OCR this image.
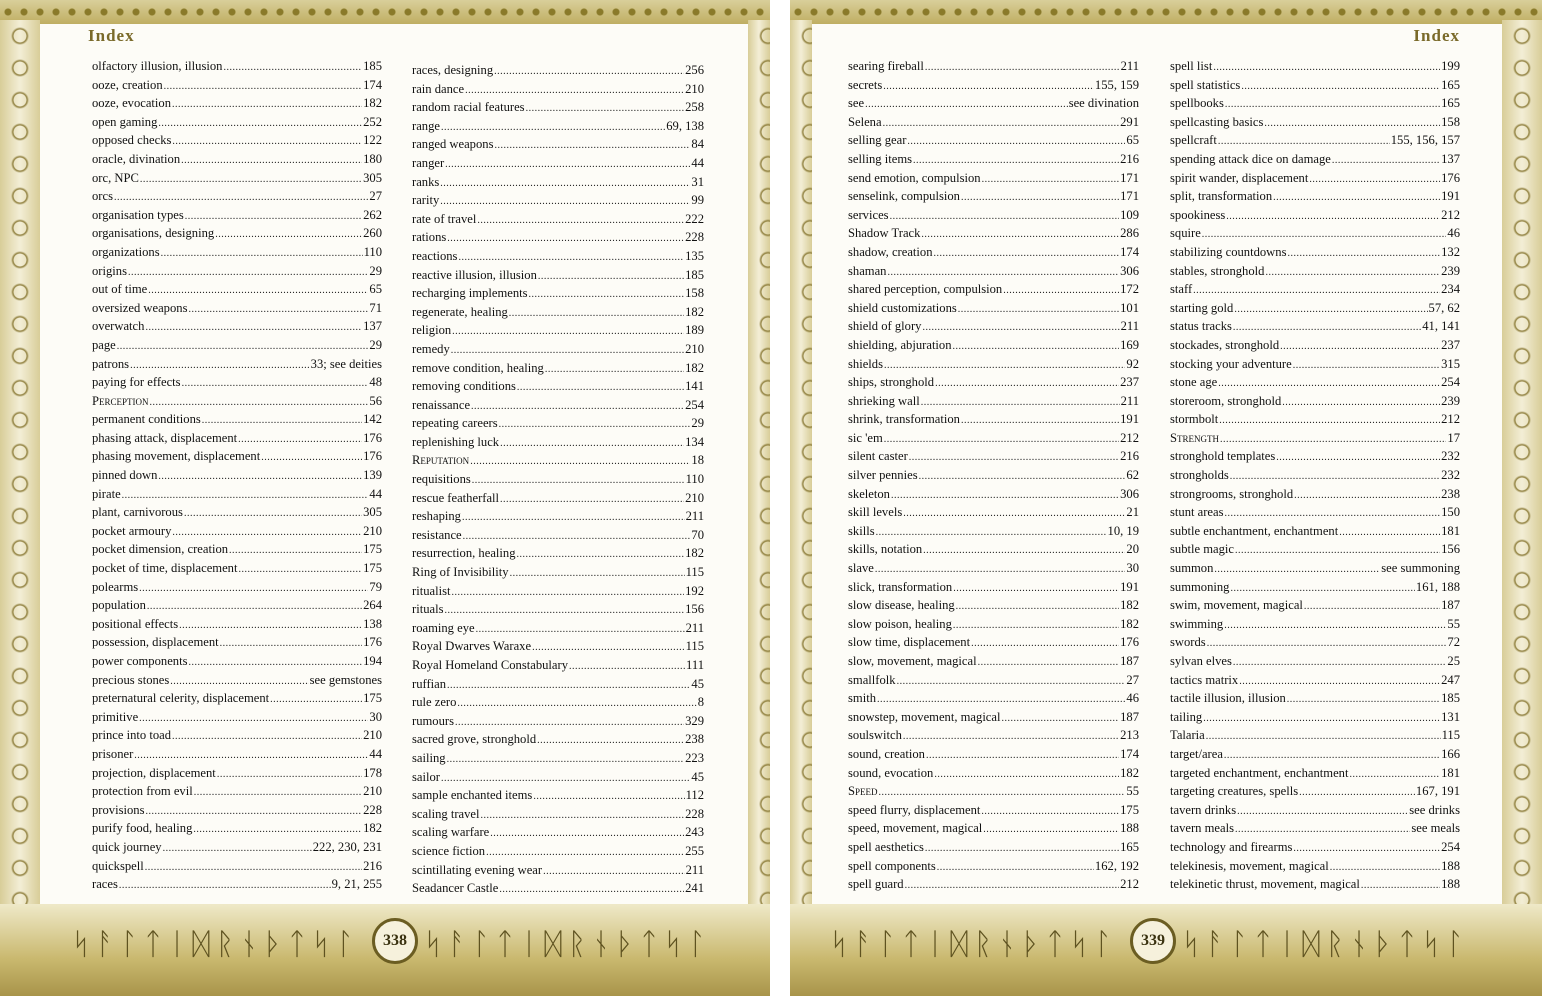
Index
olfactory illusion, illusion .....	185
ooze, creation .....	174
ooze, evocation .....	182
open gaming .....	252
opposed checks .....	122
oracle, divination .....	180
orc, NPC .....	305
orcs .....	27
organisation types .....	262
organisations, designing .....	260
organizations .....	110
origins .....	29
out of time .....	65
oversized weapons .....	71
overwatch .....	137
page .....	29
patrons .....	33; see deities
paying for effects .....	48
Perception .....	56
permanent conditions .....	142
phasing attack, displacement .....	176
phasing movement, displacement .....	176
pinned down .....	139
pirate .....	44
plant, carnivorous .....	305
pocket armoury .....	210
pocket dimension, creation .....	175
pocket of time, displacement .....	175
polearms .....	79
population .....	264
positional effects .....	138
possession, displacement .....	176
power components .....	194
precious stones .....	see gemstones
preternatural celerity, displacement .....	175
primitive .....	30
prince into toad .....	210
prisoner .....	44
projection, displacement .....	178
protection from evil .....	210
provisions .....	228
purify food, healing .....	182
quick journey .....	222, 230, 231
quickspell .....	216
races .....	9, 21, 255
races, designing .....	256
rain dance .....	210
random racial features .....	258
range .....	69, 138
ranged weapons .....	84
ranger .....	44
ranks .....	31
rarity .....	99
rate of travel .....	222
rations .....	228
reactions .....	135
reactive illusion, illusion .....	185
recharging implements .....	158
regenerate, healing .....	182
religion .....	189
remedy .....	210
remove condition, healing .....	182
removing conditions .....	141
renaissance .....	254
repeating careers .....	29
replenishing luck .....	134
Reputation .....	18
requisitions .....	110
rescue featherfall .....	210
reshaping .....	211
resistance .....	70
resurrection, healing .....	182
Ring of Invisibility .....	115
ritualist .....	192
rituals .....	156
roaming eye .....	211
Royal Dwarves Waraxe .....	115
Royal Homeland Constabulary .....	111
ruffian .....	45
rule zero .....	8
rumours .....	329
sacred grove, stronghold .....	238
sailing .....	223
sailor .....	45
sample enchanted items .....	112
scaling travel .....	228
scaling warfare .....	243
science fiction .....	255
scintillating evening wear .....	211
Seadancer Castle .....	241
ᛋᚨᛚᛏᛁᛞᚱᚾᚦᛏᛋᛚ	338 ᛋᚨᛚᛏᛁᛞᚱᚾᚦᛏᛋᛚ
Index
searing fireball .....	211
secrets .....	155, 159
see .....	see divination
Selena .....	291
selling gear .....	65
selling items .....	216
send emotion, compulsion .....	171
senselink, compulsion .....	171
services .....	109
Shadow Track .....	286
shadow, creation .....	174
shaman .....	306
shared perception, compulsion .....	172
shield customizations .....	101
shield of glory .....	211
shielding, abjuration .....	169
shields .....	92
ships, stronghold .....	237
shrieking wall .....	211
shrink, transformation .....	191
sic 'em .....	212
silent caster .....	216
silver pennies .....	62
skeleton .....	306
skill levels .....	21
skills .....	10, 19
skills, notation .....	20
slave .....	30
slick, transformation .....	191
slow disease, healing .....	182
slow poison, healing .....	182
slow time, displacement .....	176
slow, movement, magical .....	187
smallfolk .....	27
smith .....	46
snowstep, movement, magical .....	187
soulswitch .....	213
sound, creation .....	174
sound, evocation .....	182
Speed .....	55
speed flurry, displacement .....	175
speed, movement, magical .....	188
spell aesthetics .....	165
spell components .....	162, 192
spell guard .....	212
spell list .....	199
spell statistics .....	165
spellbooks .....	165
spellcasting basics .....	158
spellcraft .....	155, 156, 157
spending attack dice on damage .....	137
spirit wander, displacement .....	176
split, transformation .....	191
spookiness .....	212
squire .....	46
stabilizing countdowns .....	132
stables, stronghold .....	239
staff .....	234
starting gold .....	57, 62
status tracks .....	41, 141
stockades, stronghold .....	237
stocking your adventure .....	315
stone age .....	254
storeroom, stronghold .....	239
stormbolt .....	212
Strength .....	17
stronghold templates .....	232
strongholds .....	232
strongrooms, stronghold .....	238
stunt areas .....	150
subtle enchantment, enchantment .....	181
subtle magic .....	156
summon .....	see summoning
summoning .....	161, 188
swim, movement, magical .....	187
swimming .....	55
swords .....	72
sylvan elves .....	25
tactics matrix .....	247
tactile illusion, illusion .....	185
tailing .....	131
Talaria .....	115
target/area .....	166
targeted enchantment, enchantment .....	181
targeting creatures, spells .....	167, 191
tavern drinks .....	see drinks
tavern meals .....	see meals
technology and firearms .....	254
telekinesis, movement, magical .....	188
telekinetic thrust, movement, magical .....	188
ᛋᚨᛚᛏᛁᛞᚱᚾᚦᛏᛋᛚ	339 ᛋᚨᛚᛏᛁᛞᚱᚾᚦᛏᛋᛚ
